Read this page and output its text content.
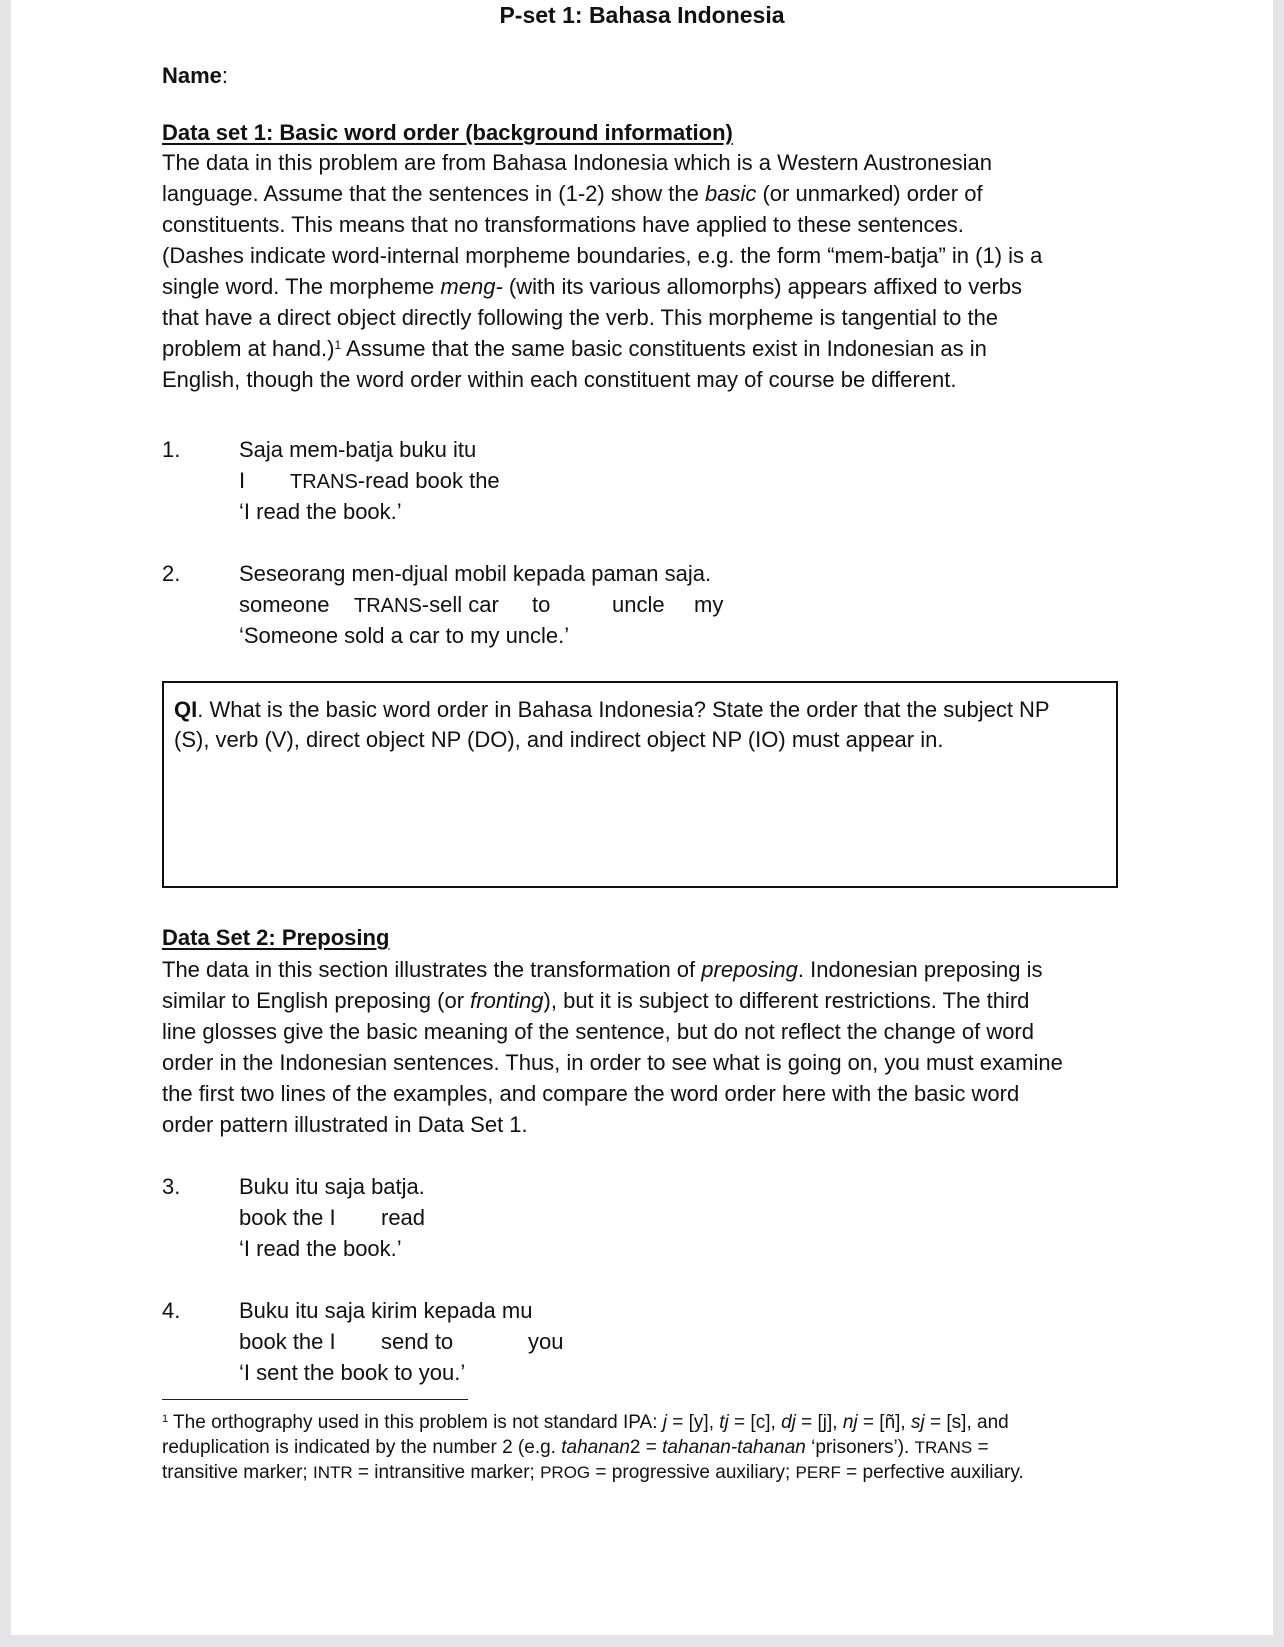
P-set 1: Bahasa Indonesia
Name:
Data set 1: Basic word order (background information)
The data in this problem are from Bahasa Indonesia which is a Western Austronesian
language. Assume that the sentences in (1-2) show the basic (or unmarked) order of
constituents. This means that no transformations have applied to these sentences.
(Dashes indicate word-internal morpheme boundaries, e.g. the form “mem-batja” in (1) is a
single word. The morpheme meng- (with its various allomorphs) appears affixed to verbs
that have a direct object directly following the verb. This morpheme is tangential to the
problem at hand.)$^1$ Assume that the same basic constituents exist in Indonesian as in
English, though the word order within each constituent may of course be different.
1.	Saja mem-batja buku itu
I TRANS-read book the
‘I read the book.’
2.	Seseorang men-djual mobil kepada paman saja.
someone TRANS-sell car to	uncle my
‘Someone sold a car to my uncle.’
QI. What is the basic word order in Bahasa Indonesia? State the order that the subject NP
(S), verb (V), direct object NP (DO), and indirect object NP (IO) must appear in.
Data Set 2: Preposing
The data in this section illustrates the transformation of preposing. Indonesian preposing is
similar to English preposing (or fronting), but it is subject to different restrictions. The third
line glosses give the basic meaning of the sentence, but do not reflect the change of word
order in the Indonesian sentences. Thus, in order to see what is going on, you must examine
the first two lines of the examples, and compare the word order here with the basic word
order pattern illustrated in Data Set 1.
3.	Buku itu saja batja.
book the I read
‘I read the book.’
4.	Buku itu saja kirim kepada mu
book the I send to	you
‘I sent the book to you.’
$^1$ The orthography used in this problem is not standard IPA: j = [y], tj = [c], dj = [j], nj = [ñ], sj = [s], and
reduplication is indicated by the number 2 (e.g. tahanan2 = tahanan-tahanan ‘prisoners’). TRANS =
transitive marker; INTR = intransitive marker; PROG = progressive auxiliary; PERF = perfective auxiliary.
